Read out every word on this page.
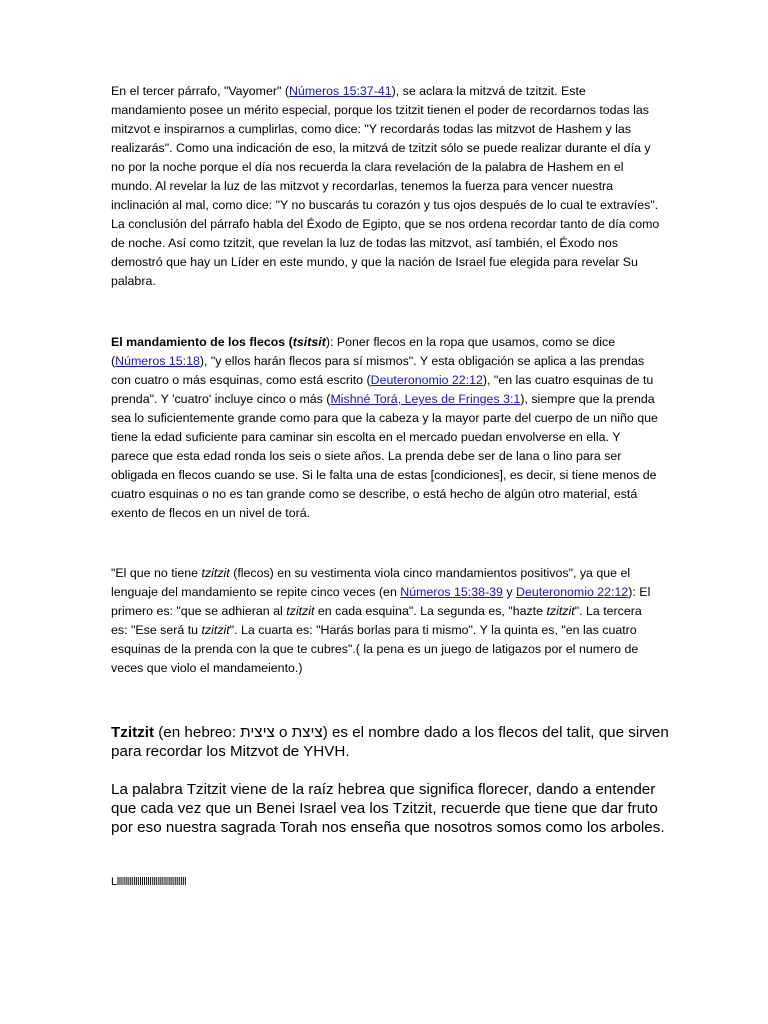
En el tercer párrafo, "Vayomer" (Números 15:37-41), se aclara la mitzvá de tzitzit. Este mandamiento posee un mérito especial, porque los tzitzit tienen el poder de recordarnos todas las mitzvot e inspirarnos a cumplirlas, como dice: "Y recordarás todas las mitzvot de Hashem y las realizarás". Como una indicación de eso, la mitzvá de tzitzit sólo se puede realizar durante el día y no por la noche porque el día nos recuerda la clara revelación de la palabra de Hashem en el mundo. Al revelar la luz de las mitzvot y recordarlas, tenemos la fuerza para vencer nuestra inclinación al mal, como dice: "Y no buscarás tu corazón y tus ojos después de lo cual te extravíes". La conclusión del párrafo habla del Éxodo de Egipto, que se nos ordena recordar tanto de día como de noche. Así como tzitzit, que revelan la luz de todas las mitzvot, así también, el Éxodo nos demostró que hay un Líder en este mundo, y que la nación de Israel fue elegida para revelar Su palabra.

El mandamiento de los flecos (tsitsit): Poner flecos en la ropa que usamos, como se dice (Números 15:18), "y ellos harán flecos para sí mismos". Y esta obligación se aplica a las prendas con cuatro o más esquinas, como está escrito (Deuteronomio 22:12), "en las cuatro esquinas de tu prenda". Y 'cuatro' incluye cinco o más (Mishné Torá, Leyes de Fringes 3:1), siempre que la prenda sea lo suficientemente grande como para que la cabeza y la mayor parte del cuerpo de un niño que tiene la edad suficiente para caminar sin escolta en el mercado puedan envolverse en ella. Y parece que esta edad ronda los seis o siete años. La prenda debe ser de lana o lino para ser obligada en flecos cuando se use. Si le falta una de estas [condiciones], es decir, si tiene menos de cuatro esquinas o no es tan grande como se describe, o está hecho de algún otro material, está exento de flecos en un nivel de torá.

"El que no tiene tzitzit (flecos) en su vestimenta viola cinco mandamientos positivos", ya que el lenguaje del mandamiento se repite cinco veces (en Números 15:38-39 y Deuteronomio 22:12): El primero es: "que se adhieran al tzitzit en cada esquina". La segunda es, "hazte tzitzit". La tercera es: "Ese será tu tzitzit". La cuarta es: "Harás borlas para ti mismo". Y la quinta es, "en las cuatro esquinas de la prenda con la que te cubres".( la pena es un juego de latigazos por el numero de veces que violo el mandameiento.)

Tzitzit (en hebreo: ציצית o ציצת) es el nombre dado a los flecos del talit, que sirven para recordar los Mitzvot de YHVH.

La palabra Tzitzit viene de la raíz hebrea que significa florecer, dando a entender que cada vez que un Benei Israel vea los Tzitzit, recuerde que tiene que dar fruto por eso nuestra sagrada Torah nos enseña que nosotros somos como los arboles.

Lllllllllllllllllllllllllllllllllll
